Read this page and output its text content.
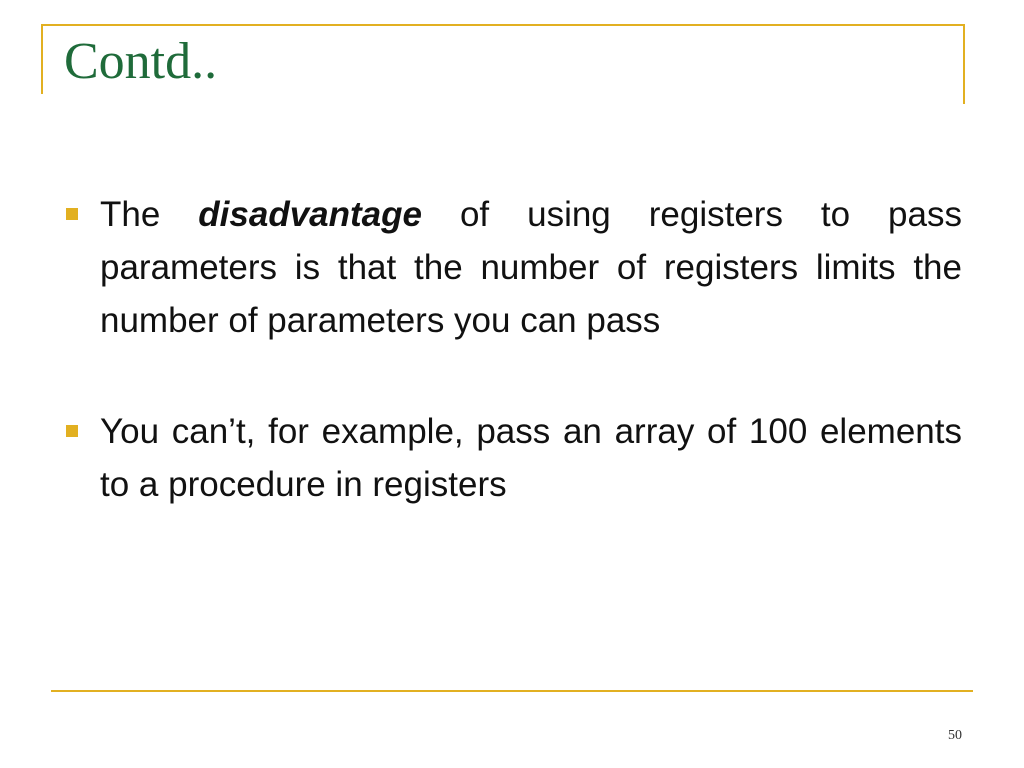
Contd..
The disadvantage of using registers to pass parameters is that the number of registers limits the number of parameters you can pass
You can’t, for example, pass an array of 100 elements to a procedure in registers
50
